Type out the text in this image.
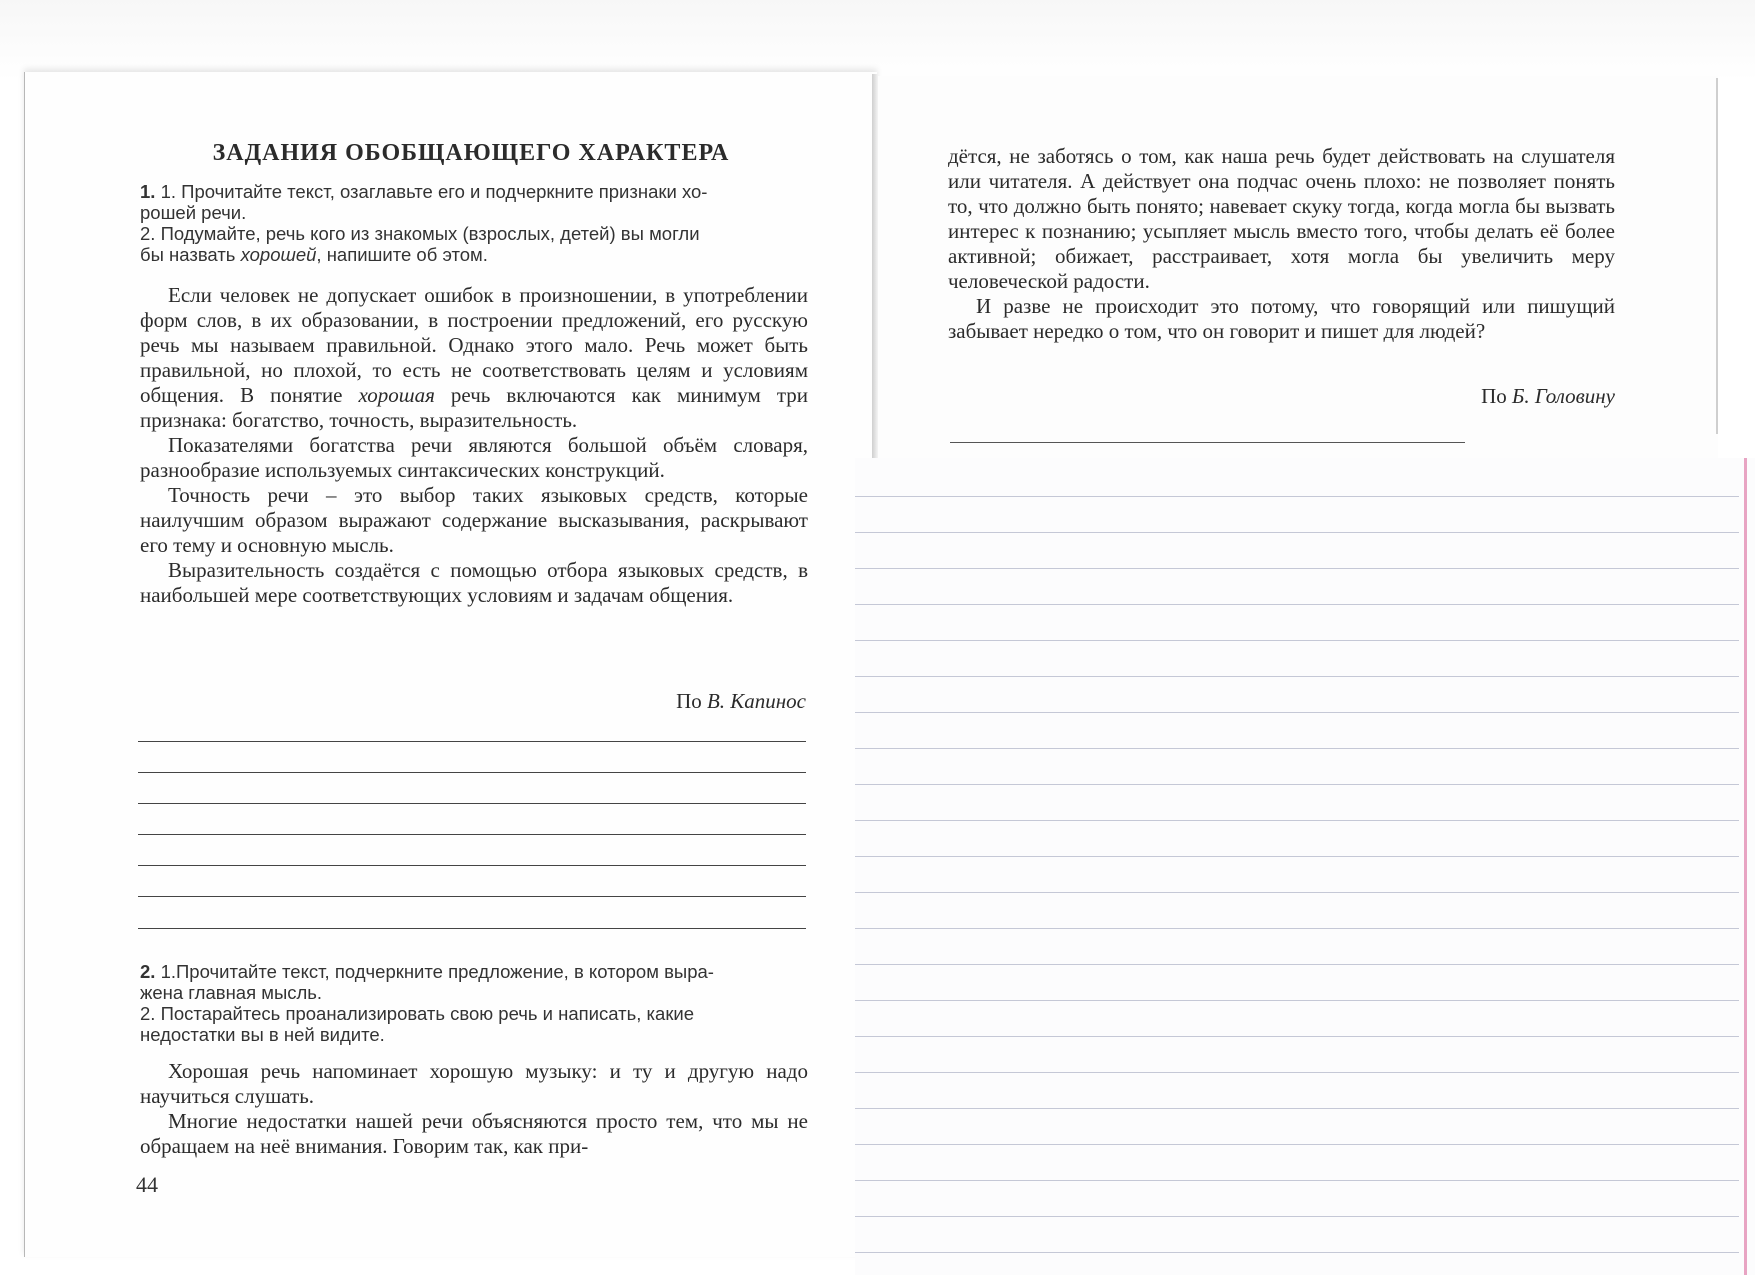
ЗАДАНИЯ ОБОБЩАЮЩЕГО ХАРАКТЕРА
1. 1. Прочитайте текст, озаглавьте его и подчеркните признаки хо-
рошей речи.
2. Подумайте, речь кого из знакомых (взрослых, детей) вы могли
бы назвать хорошей, напишите об этом.

Если человек не допускает ошибок в произношении, в употреблении форм слов, в их образовании, в построении предложений, его русскую речь мы называем правильной. Однако этого мало. Речь может быть правильной, но плохой, то есть не соответствовать целям и условиям общения. В понятие хорошая речь включаются как минимум три признака: богатство, точность, выразительность.

Показателями богатства речи являются большой объём словаря, разнообразие используемых синтаксических конструкций.

Точность речи – это выбор таких языковых средств, которые наилучшим образом выражают содержание высказывания, раскрывают его тему и основную мысль.

Выразительность создаётся с помощью отбора языковых средств, в наибольшей мере соответствующих условиям и задачам общения.

По В. Капинос
2. 1.Прочитайте текст, подчеркните предложение, в котором выра-
жена главная мысль.
2. Постарайтесь проанализировать свою речь и написать, какие
недостатки вы в ней видите.

Хорошая речь напоминает хорошую музыку: и ту и другую надо научиться слушать.

Многие недостатки нашей речи объясняются просто тем, что мы не обращаем на неё внимания. Говорим так, как при-

44

дётся, не заботясь о том, как наша речь будет действовать на слушателя или читателя. А действует она подчас очень плохо: не позволяет понять то, что должно быть понято; навевает скуку тогда, когда могла бы вызвать интерес к познанию; усыпляет мысль вместо того, чтобы делать её более активной; обижает, расстраивает, хотя могла бы увеличить меру человеческой радости.

И разве не происходит это потому, что говорящий или пишущий забывает нередко о том, что он говорит и пишет для людей?

По Б. Головину
